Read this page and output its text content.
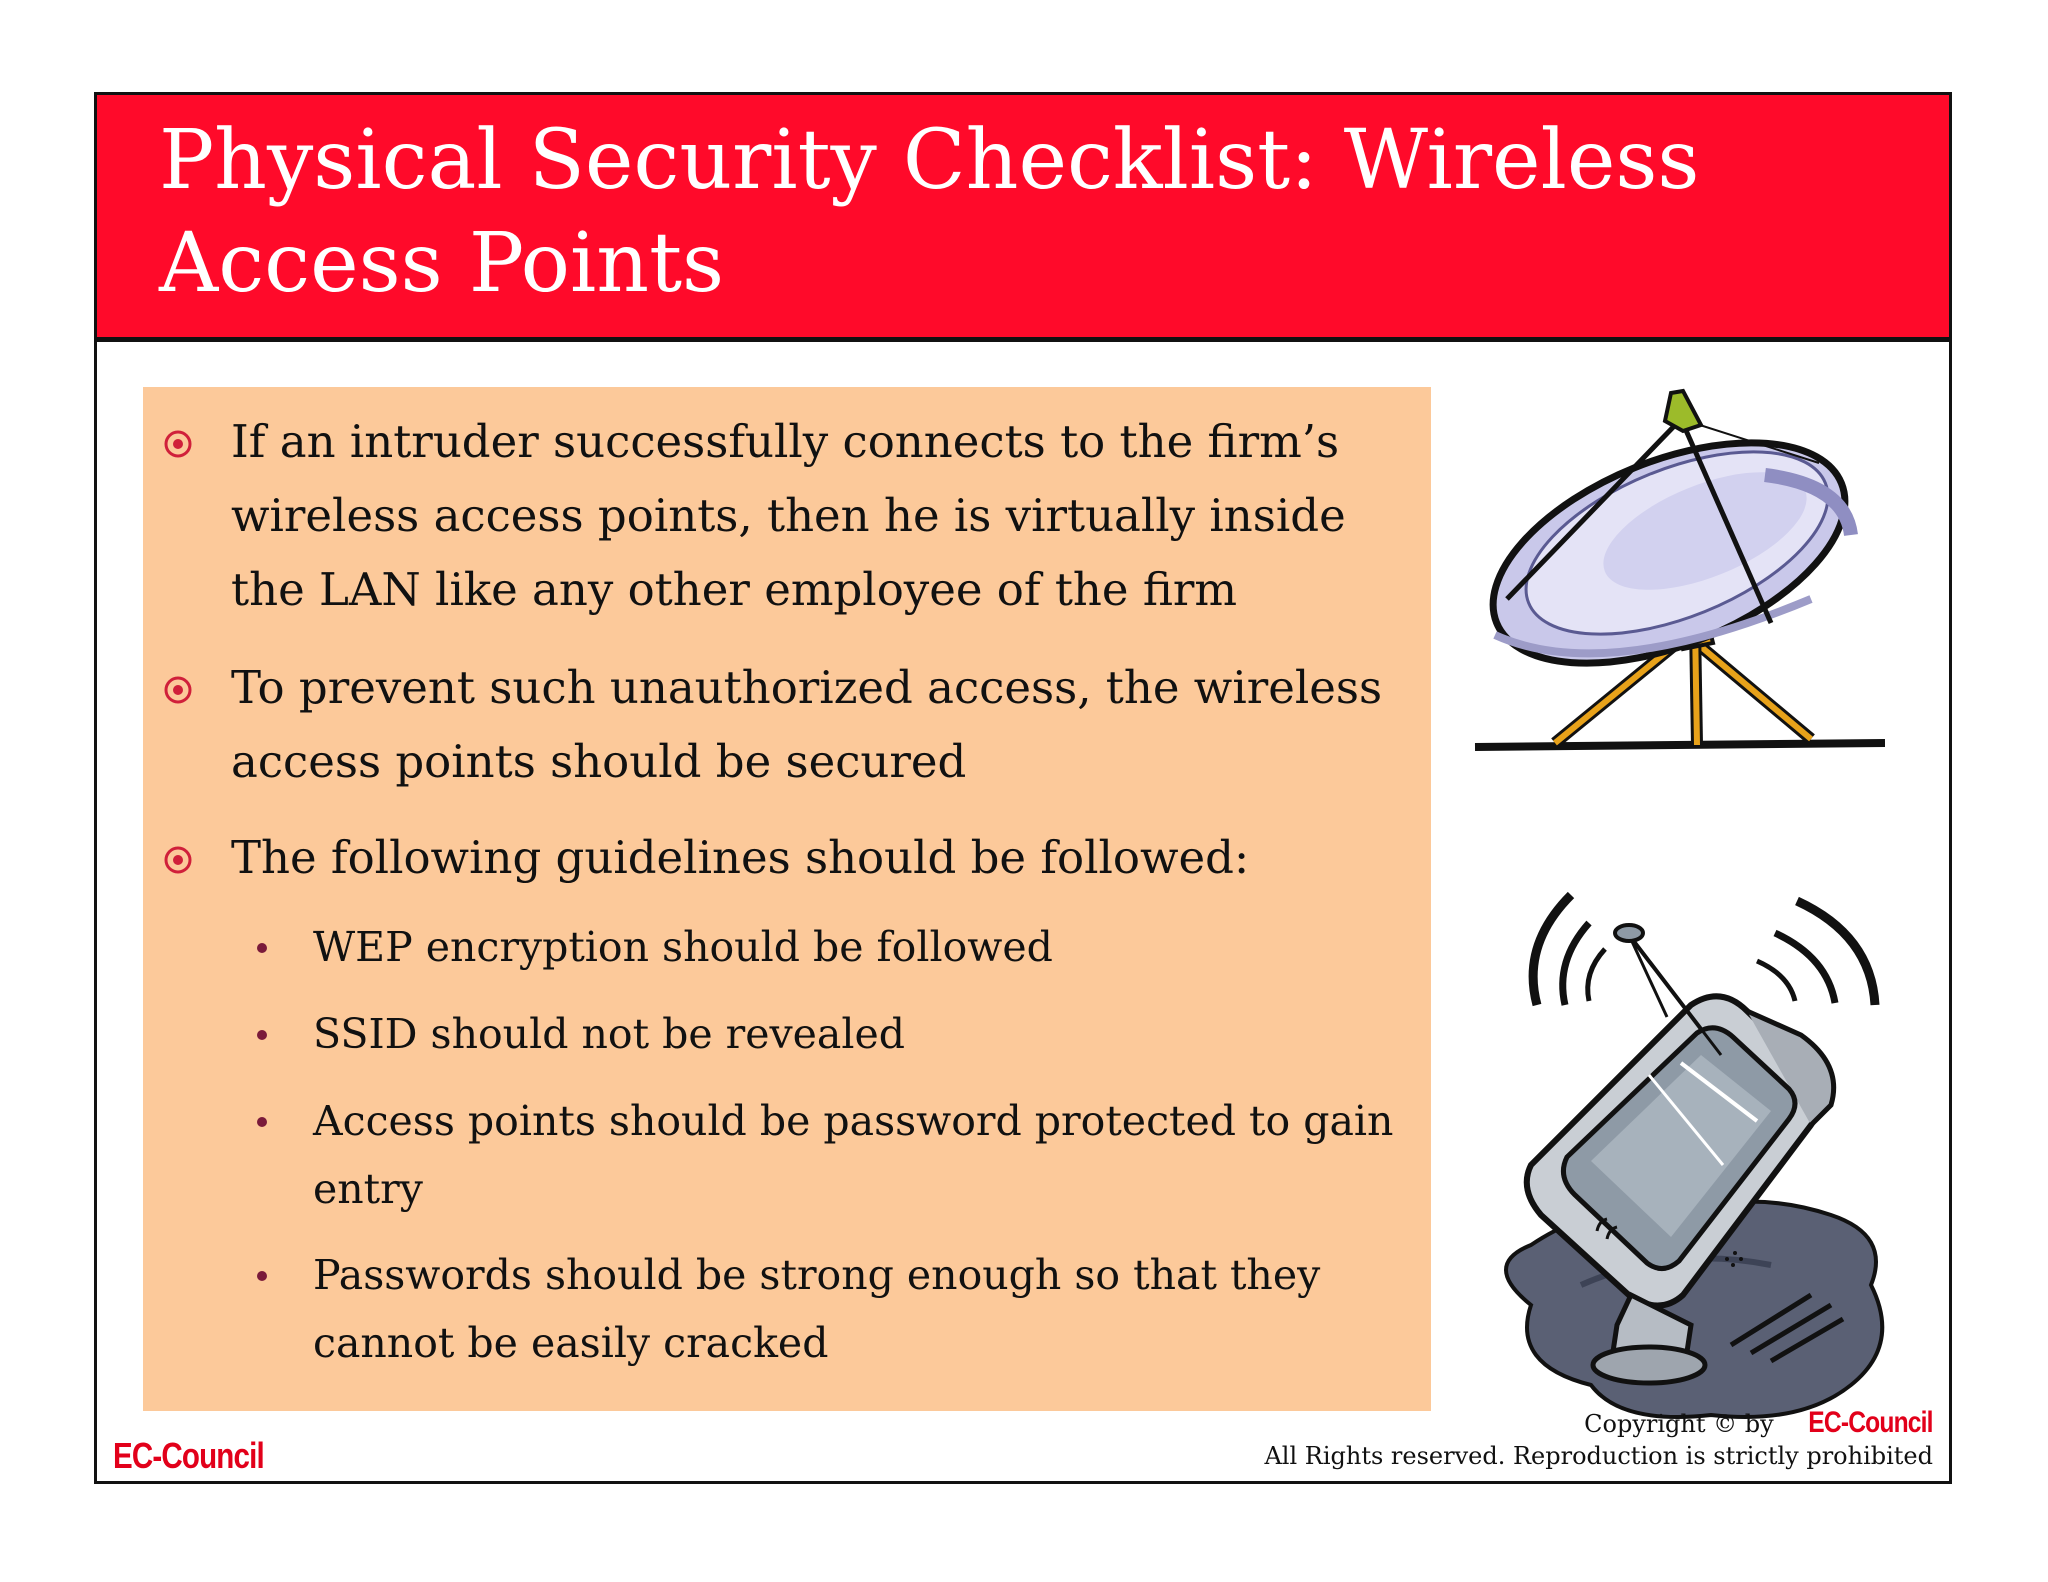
Physical Security Checklist: Wireless
Access Points
If an intruder successfully connects to the firm’s wireless access points, then he is virtually inside the LAN like any other employee of the firm
To prevent such unauthorized access, the wireless access points should be secured
The following guidelines should be followed:
WEP encryption should be followed
SSID should not be revealed
Access points should be password protected to gain entry
Passwords should be strong enough so that they cannot be easily cracked
EC-Council
Copyright © by EC-Council
All Rights reserved. Reproduction is strictly prohibited
